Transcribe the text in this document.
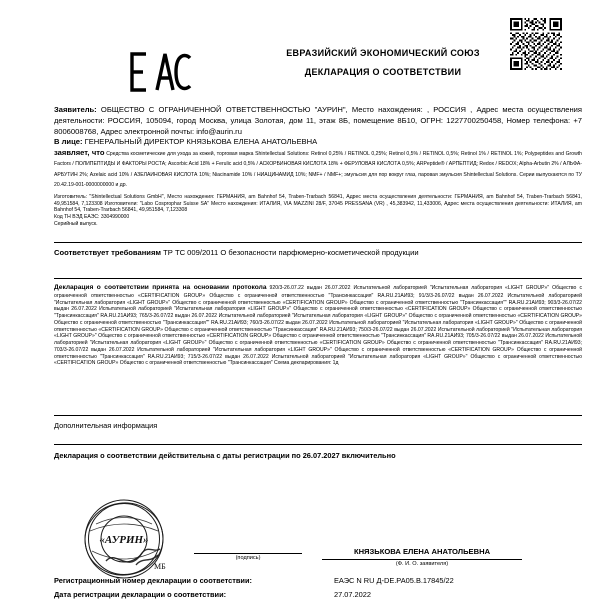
ЕВРАЗИЙСКИЙ ЭКОНОМИЧЕСКИЙ СОЮЗ
ДЕКЛАРАЦИЯ О СООТВЕТСТВИИ
Заявитель: ОБЩЕСТВО С ОГРАНИЧЕННОЙ ОТВЕТСТВЕННОСТЬЮ "АУРИН", Место нахождения: , РОССИЯ , Адрес места осуществления деятельности: РОССИЯ, 105094, город Москва, улица Золотая, дом 11, этаж 8Б, помещение 8Б10, ОГРН: 1227700250458, Номер телефона: +7 8006008768, Адрес электронной почты: info@aurin.ru
В лице: ГЕНЕРАЛЬНЫЙ ДИРЕКТОР КНЯЗЬКОВА ЕЛЕНА АНАТОЛЬЕВНА
заявляет, что Средства косметические для ухода за кожей, торговая марка Shintellectual Solutions: Retinol 0,25% / RETINOL 0,25%; Retinol 0,5% / RETINOL 0,5%; Retinol 1% / RETINOL 1%; Polypeptides and Growth Factors / ПОЛИПЕПТИДЫ И ФАКТОРЫ РОСТА; Ascorbic Acid 18% + Ferulic acid 0,5% / АСКОРБИНОВАЯ КИСЛОТА 18% + ФЕРУЛОВАЯ КИСЛОТА 0,5%; ARPeptide® / АРПЕПТИД; Redox / REDOX; Alpha-Arbutin 2% / АЛЬФА-АРБУТИН 2%; Azelaic acid 10% / АЗЕЛАИНОВАЯ КИСЛОТА 10%; Niacinamide 10% / НИАЦИНАМИД 10%; NMF+ / NMF+; эмульсия для пор вокруг глаз, паровая эмульсия Shintellectual Solutions. Серии выпускаются по ТУ 20.42.19-001-0000000000 и др.
Изготовитель: "Shintellectual Solutions GmbH", Место нахождения: ГЕРМАНИЯ, am Bahnhof 54, Traben-Trarbach 56841, Адрес места осуществления деятельности: ГЕРМАНИЯ, am Bahnhof 54, Traben-Trarbach 56841, 49,951584, 7,123308 Изготовители: "Labo Cosprophar Suisse SA" Место нахождения: ИТАЛИЯ, VIA MAZZINI 28/F, 37045 PRESSANA (VR) , 45,383942, 11,433006, Адрес места осуществления деятельности: ИТАЛИЯ, am Bahnhof 54, Traben-Trarbach 56841, 49,951584, 7,123308
Код ТН ВЭД ЕАЭС: 3304990000
Серийный выпуск.
Соответствует требованиям ТР ТС 009/2011 О безопасности парфюмерно-косметической продукции
Декларация о соответствии принята на основании протокола 920/3-26.07.22 выдан 26.07.2022 Испытательной лабораторией "Испытательная лаборатория «LIGHT GROUP»" Общество с ограниченной ответственностью «CERTIFICATION GROUP» Общество с ограниченной ответственностью "Трансинкассация" RA.RU.21AИ93; 91/3/3-26.07/22 выдан 26.07.2022 Испытательной лабораторией "Испытательная лаборатория «LIGHT GROUP»" Общество с ограниченной ответственностью «CERTIFICATION GROUP» Общество с ограниченной ответственностью "Трансинкассация"" RA.RU.21AИ93; 903/3-26.07/22 выдан 26.07.2022 Испытательной лабораторией "Испытательная лаборатория «LIGHT GROUP»" Общество с ограниченной ответственностью «CERTIFICATION GROUP» Общество с ограниченной ответственностью "Трансинкассация" RA.RU.21AИ93; 765/3-26.07/22 выдан 26.07.2022 Испытательной лабораторией "Испытательная лаборатория «LIGHT GROUP»" Общество с ограниченной ответственностью «CERTIFICATION GROUP» Общество с ограниченной ответственностью "Трансинкассация"" RA.RU.21AИ93; 760/3-26.07/22 выдан 26.07.2022 Испытательной лабораторией "Испытательная лаборатория «LIGHT GROUP»" Общество с ограниченной ответственностью «CERTIFICATION GROUP» Общество с ограниченной ответственностью "Трансинкассация" RA.RU.21AИ93; 750/3-26.07/22 выдан 26.07.2022 Испытательной лабораторией "Испытательная лаборатория «LIGHT GROUP»" Общество с ограниченной ответственностью «CERTIFICATION GROUP» Общество с ограниченной ответственностью "Трансинкассация" RA.RU.21AИ93; 705/3-26.07/22 выдан 26.07.2022 Испытательной лабораторией "Испытательная лаборатория «LIGHT GROUP»" Общество с ограниченной ответственностью «CERTIFICATION GROUP» Общество с ограниченной ответственностью "Трансинкассация" RA.RU.21AИ93; 703/3-26.07/22 выдан 26.07.2022 Испытательной лабораторией "Испытательная лаборатория «LIGHT GROUP»" Общество с ограниченной ответственностью «CERTIFICATION GROUP» Общество с ограниченной ответственностью "Трансинкассация" RA.RU.21AИ93; 715/3-26.07/22 выдан 26.07.2022 Испытательной лабораторией "Испытательная лаборатория «LIGHT GROUP»" Общество с ограниченной ответственностью «CERTIFICATION GROUP» Общество с ограниченной ответственностью "Трансинкассация" Схема декларирования: 1д
Дополнительная информация
Декларация о соответствии действительна с даты регистрации по 26.07.2027 включительно
«АУРИН»
МБ
(подпись)
КНЯЗЬКОВА ЕЛЕНА АНАТОЛЬЕВНА
(Ф. И. О. заявителя)
Регистрационный номер декларации о соответствии:	ЕАЭС N RU Д-DE.РА05.В.17845/22
Дата регистрации декларации о соответствии:	27.07.2022
